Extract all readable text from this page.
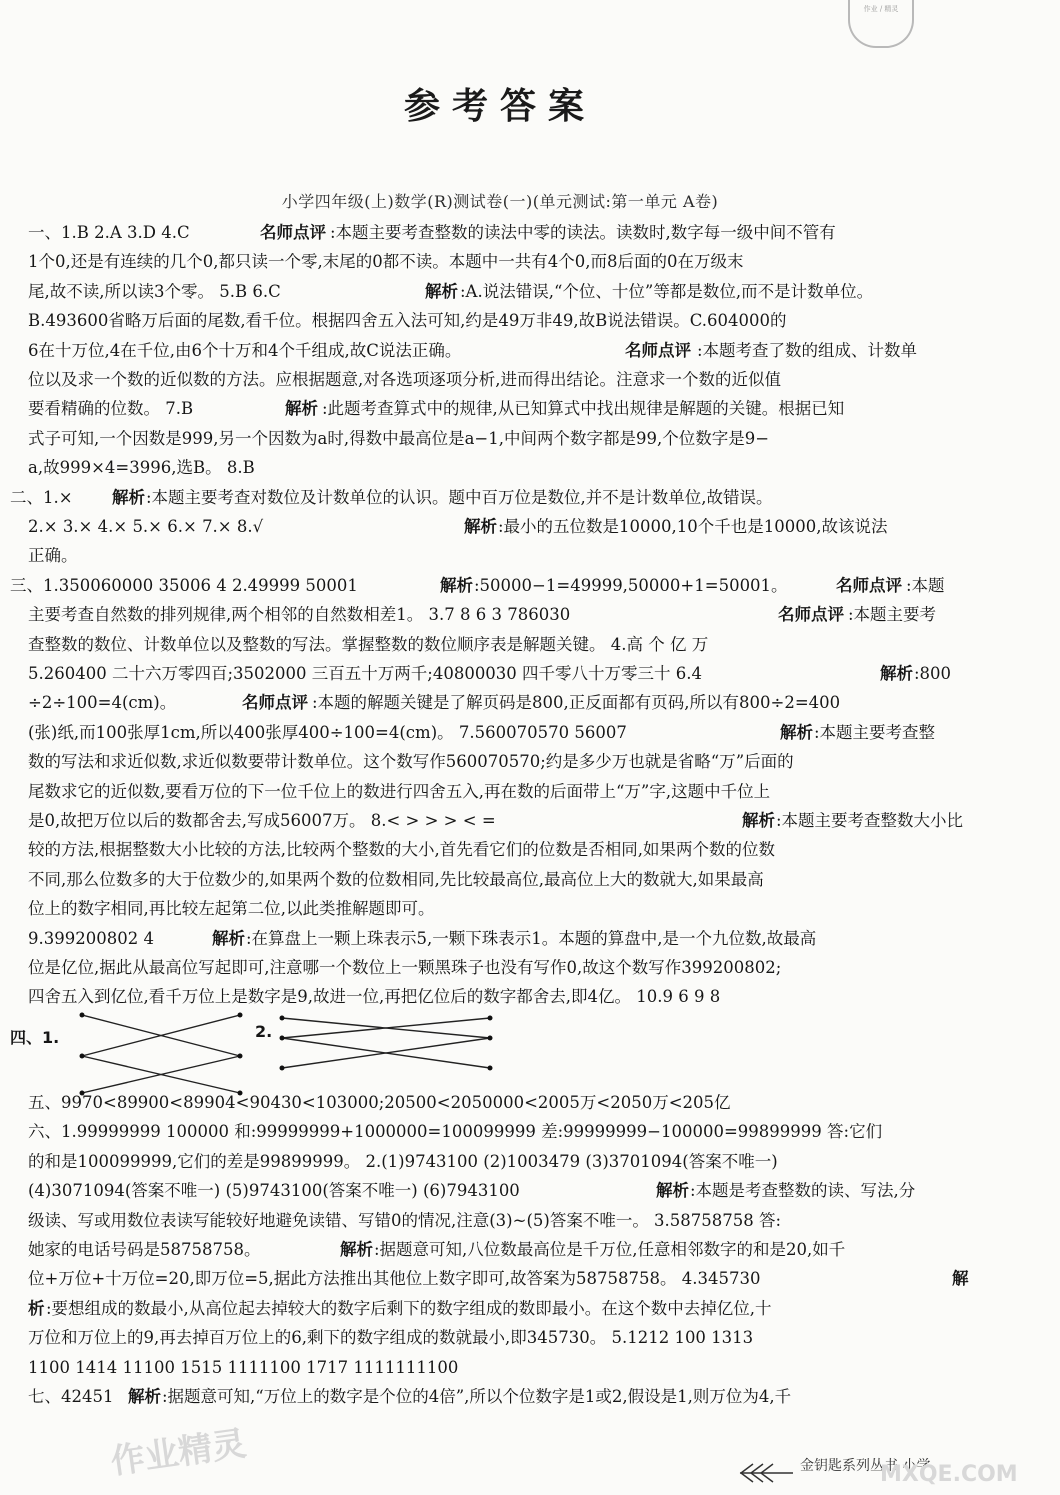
作业 / 精灵
参考答案
小学四年级(上)数学(R)测试卷(一)(单元测试:第一单元 A卷)
一、1.B 2.A 3.D 4.C	名师点评 :本题主要考查整数的读法中零的读法。读数时,数字每一级中间不管有
1个0,还是有连续的几个0,都只读一个零,末尾的0都不读。本题中一共有4个0,而8后面的0在万级末
尾,故不读,所以读3个零。 5.B 6.C	解析 :A.说法错误,“个位、十位”等都是数位,而不是计数单位。
B.493600省略万后面的尾数,看千位。根据四舍五入法可知,约是49万非49,故B说法错误。C.604000的
6在十万位,4在千位,由6个十万和4个千组成,故C说法正确。	名师点评 :本题考查了数的组成、计数单
位以及求一个数的近似数的方法。应根据题意,对各选项逐项分析,进而得出结论。注意求一个数的近似值
要看精确的位数。 7.B	解析 :此题考查算式中的规律,从已知算式中找出规律是解题的关键。根据已知
式子可知,一个因数是999,另一个因数为a时,得数中最高位是a−1,中间两个数字都是99,个位数字是9−
a,故999×4=3996,选B。 8.B
二、1.× 解析 :本题主要考查对数位及计数单位的认识。题中百万位是数位,并不是计数单位,故错误。
2.× 3.× 4.× 5.× 6.× 7.× 8.√	解析 :最小的五位数是10000,10个千也是10000,故该说法
正确。
三、1.350060000 35006 4 2.49999 50001	解析 :50000−1=49999,50000+1=50001。	名师点评 :本题
主要考查自然数的排列规律,两个相邻的自然数相差1。 3.7 8 6 3 786030	名师点评 :本题主要考
查整数的数位、计数单位以及整数的写法。掌握整数的数位顺序表是解题关键。 4.高 个 亿 万
5.260400 二十六万零四百;3502000 三百五十万两千;40800030 四千零八十万零三十 6.4	解析 :800
÷2÷100=4(cm)。	名师点评 :本题的解题关键是了解页码是800,正反面都有页码,所以有800÷2=400
(张)纸,而100张厚1cm,所以400张厚400÷100=4(cm)。 7.560070570 56007	解析 :本题主要考查整
数的写法和求近似数,求近似数要带计数单位。这个数写作560070570;约是多少万也就是省略“万”后面的
尾数求它的近似数,要看万位的下一位千位上的数进行四舍五入,再在数的后面带上“万”字,这题中千位上
是0,故把万位以后的数都舍去,写成56007万。 8.< > > > < =	解析 :本题主要考查整数大小比
较的方法,根据整数大小比较的方法,比较两个整数的大小,首先看它们的位数是否相同,如果两个数的位数
不同,那么位数多的大于位数少的,如果两个数的位数相同,先比较最高位,最高位上大的数就大,如果最高
位上的数字相同,再比较左起第二位,以此类推解题即可。
9.399200802 4	解析 :在算盘上一颗上珠表示5,一颗下珠表示1。本题的算盘中,是一个九位数,故最高
位是亿位,据此从最高位写起即可,注意哪一个数位上一颗黑珠子也没有写作0,故这个数写作399200802;
四舍五入到亿位,看千万位上是数字是9,故进一位,再把亿位后的数字都舍去,即4亿。 10.9 6 9 8
四、1.	2.
五、9970<89900<89904<90430<103000;20500<2050000<2005万<2050万<205亿
六、1.99999999 100000 和:99999999+1000000=100099999 差:99999999−100000=99899999 答:它们
的和是100099999,它们的差是99899999。 2.(1)9743100 (2)1003479 (3)3701094(答案不唯一)
(4)3071094(答案不唯一) (5)9743100(答案不唯一) (6)7943100	解析 :本题是考查整数的读、写法,分
级读、写或用数位表读写能较好地避免读错、写错0的情况,注意(3)~(5)答案不唯一。 3.58758758 答:
她家的电话号码是58758758。	解析 :据题意可知,八位数最高位是千万位,任意相邻数字的和是20,如千
位+万位+十万位=20,即万位=5,据此方法推出其他位上数字即可,故答案为58758758。 4.345730	解
析 :要想组成的数最小,从高位起去掉较大的数字后剩下的数字组成的数即最小。在这个数中去掉亿位,十
万位和万位上的9,再去掉百万位上的6,剩下的数字组成的数就最小,即345730。 5.1212 100 1313
1100 1414 11100 1515 1111100 1717 1111111100
七、42451 解析 :据题意可知,“万位上的数字是个位的4倍”,所以个位数字是1或2,假设是1,则万位为4,千
金钥匙系列丛书 小学
作业精灵	MXQE.COM
